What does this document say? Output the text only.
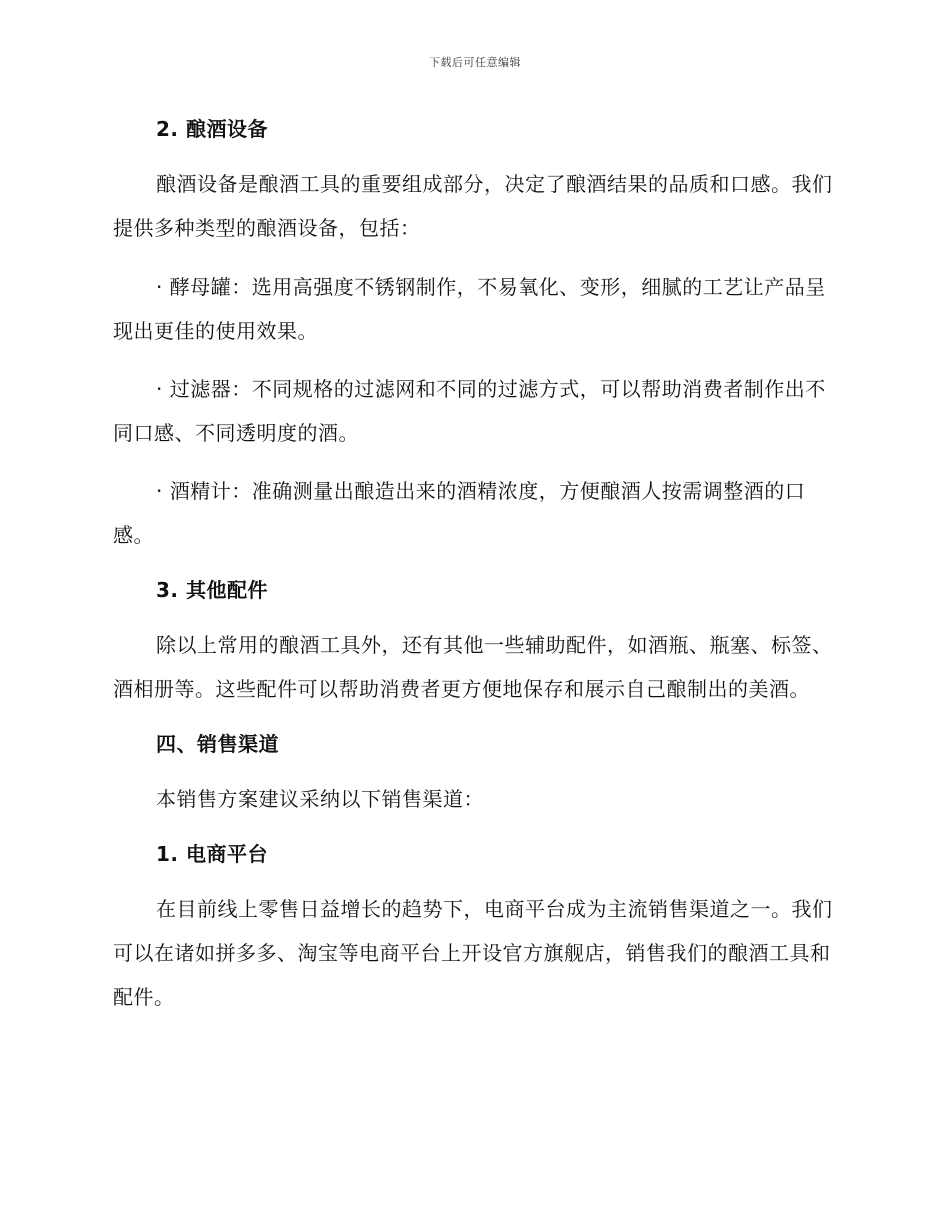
下载后可任意编辑
2. 酿酒设备

酿酒设备是酿酒工具的重要组成部分，决定了酿酒结果的品质和口感。我们提供多种类型的酿酒设备，包括：

· 酵母罐：选用高强度不锈钢制作，不易氧化、变形，细腻的工艺让产品呈现出更佳的使用效果。

· 过滤器：不同规格的过滤网和不同的过滤方式，可以帮助消费者制作出不同口感、不同透明度的酒。

· 酒精计：准确测量出酿造出来的酒精浓度，方便酿酒人按需调整酒的口感。

3. 其他配件

除以上常用的酿酒工具外，还有其他一些辅助配件，如酒瓶、瓶塞、标签、酒相册等。这些配件可以帮助消费者更方便地保存和展示自己酿制出的美酒。

四、销售渠道

本销售方案建议采纳以下销售渠道：

1. 电商平台

在目前线上零售日益增长的趋势下，电商平台成为主流销售渠道之一。我们可以在诸如拼多多、淘宝等电商平台上开设官方旗舰店，销售我们的酿酒工具和配件。
